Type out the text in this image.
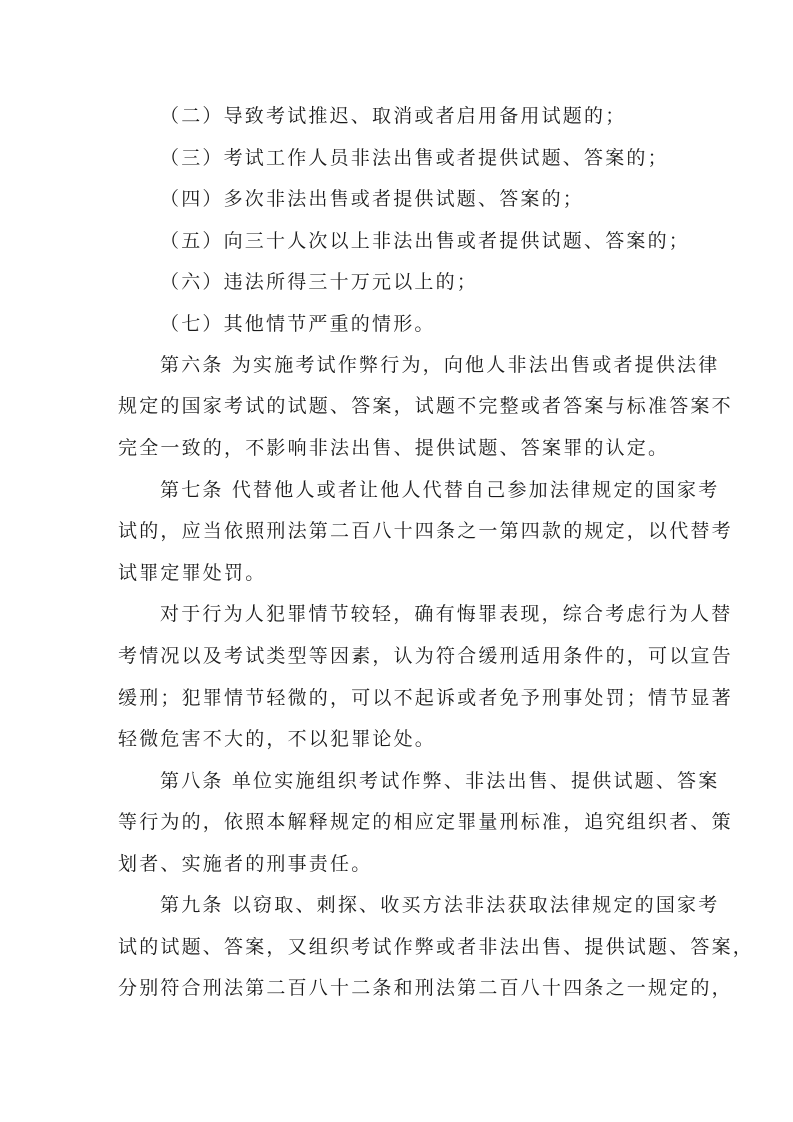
（二）导致考试推迟、取消或者启用备用试题的；
（三）考试工作人员非法出售或者提供试题、答案的；
（四）多次非法出售或者提供试题、答案的；
（五）向三十人次以上非法出售或者提供试题、答案的；
（六）违法所得三十万元以上的；
（七）其他情节严重的情形。
第六条 为实施考试作弊行为，向他人非法出售或者提供法律
规定的国家考试的试题、答案，试题不完整或者答案与标准答案不
完全一致的，不影响非法出售、提供试题、答案罪的认定。
第七条 代替他人或者让他人代替自己参加法律规定的国家考
试的，应当依照刑法第二百八十四条之一第四款的规定，以代替考
试罪定罪处罚。
对于行为人犯罪情节较轻，确有悔罪表现，综合考虑行为人替
考情况以及考试类型等因素，认为符合缓刑适用条件的，可以宣告
缓刑；犯罪情节轻微的，可以不起诉或者免予刑事处罚；情节显著
轻微危害不大的，不以犯罪论处。
第八条 单位实施组织考试作弊、非法出售、提供试题、答案
等行为的，依照本解释规定的相应定罪量刑标准，追究组织者、策
划者、实施者的刑事责任。
第九条 以窃取、刺探、收买方法非法获取法律规定的国家考
试的试题、答案，又组织考试作弊或者非法出售、提供试题、答案，
分别符合刑法第二百八十二条和刑法第二百八十四条之一规定的，
